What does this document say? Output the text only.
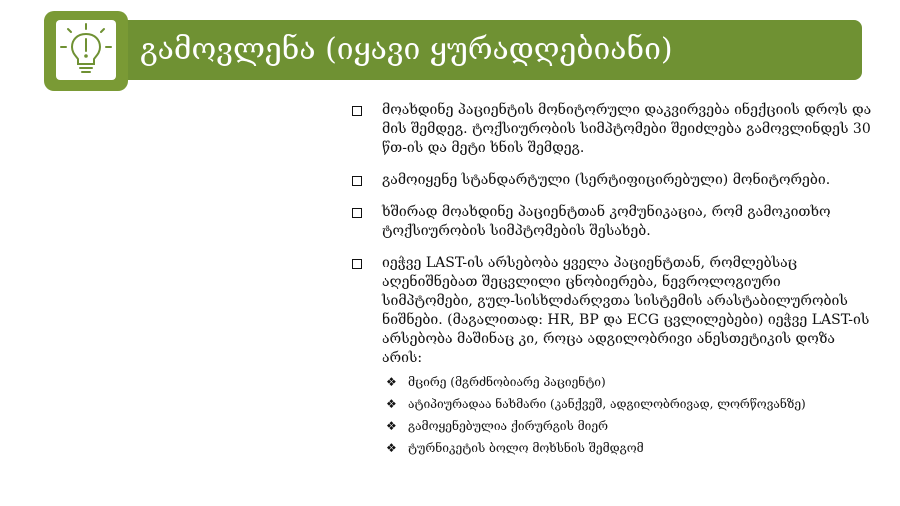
გამოვლენა (იყავი ყურადღებიანი)
მოახდინე პაციენტის მონიტორული დაკვირვება ინექციის დროს და მის შემდეგ. ტოქსიურობის სიმპტომები შეიძლება გამოვლინდეს 30 წთ-ის და მეტი ხნის შემდეგ.
გამოიყენე სტანდარტული (სერტიფიცირებული) მონიტორები.
ხშირად მოახდინე პაციენტთან კომუნიკაცია, რომ გამოკითხო ტოქსიურობის სიმპტომების შესახებ.
იეჭვე LAST-ის არსებობა ყველა პაციენტთან, რომლებსაც აღენიშნებათ შეცვლილი ცნობიერება, ნევროლოგიური სიმპტომები, გულ-სისხლძარღვთა სისტემის არასტაბილურობის ნიშნები. (მაგალითად: HR, BP და ECG ცვლილებები) იეჭვე LAST-ის არსებობა მაშინაც კი, როცა ადგილობრივი ანესთეტიკის დოზა არის:
❖ მცირე (მგრძნობიარე პაციენტი)
❖ ატიპიურადაა ნახმარი (კანქვეშ, ადგილობრივად, ლორწოვანზე)
❖ გამოყენებულია ქირურგის მიერ
❖ ტურნიკეტის ბოლო მოხსნის შემდგომ
